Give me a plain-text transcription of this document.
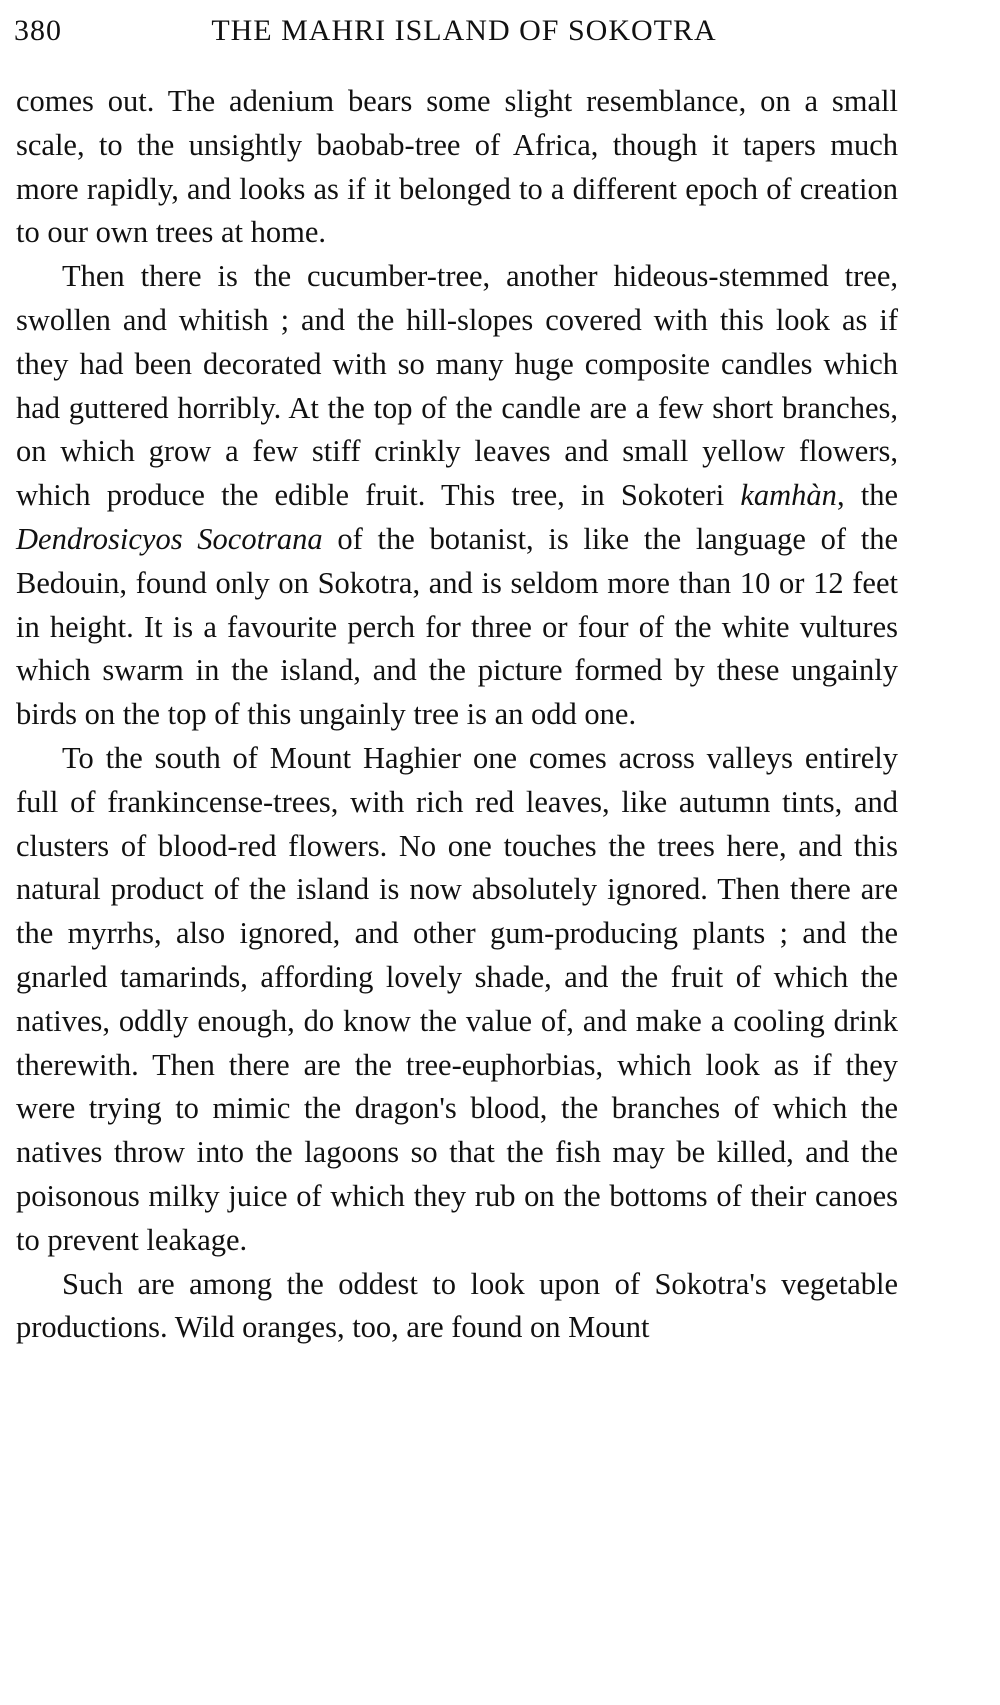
380	THE MAHRI ISLAND OF SOKOTRA

comes out. The adenium bears some slight resemblance, on a small scale, to the unsightly baobab-tree of Africa, though it tapers much more rapidly, and looks as if it belonged to a different epoch of creation to our own trees at home.

Then there is the cucumber-tree, another hideous-stemmed tree, swollen and whitish ; and the hill-slopes covered with this look as if they had been decorated with so many huge composite candles which had guttered horribly. At the top of the candle are a few short branches, on which grow a few stiff crinkly leaves and small yellow flowers, which produce the edible fruit. This tree, in Sokoteri kamhàn, the Dendrosicyos Socotrana of the botanist, is like the language of the Bedouin, found only on Sokotra, and is seldom more than 10 or 12 feet in height. It is a favourite perch for three or four of the white vultures which swarm in the island, and the picture formed by these ungainly birds on the top of this ungainly tree is an odd one.

To the south of Mount Haghier one comes across valleys entirely full of frankincense-trees, with rich red leaves, like autumn tints, and clusters of blood-red flowers. No one touches the trees here, and this natural product of the island is now absolutely ignored. Then there are the myrrhs, also ignored, and other gum-producing plants ; and the gnarled tamarinds, affording lovely shade, and the fruit of which the natives, oddly enough, do know the value of, and make a cooling drink therewith. Then there are the tree-euphorbias, which look as if they were trying to mimic the dragon's blood, the branches of which the natives throw into the lagoons so that the fish may be killed, and the poisonous milky juice of which they rub on the bottoms of their canoes to prevent leakage.

Such are among the oddest to look upon of Sokotra's vegetable productions. Wild oranges, too, are found on Mount
